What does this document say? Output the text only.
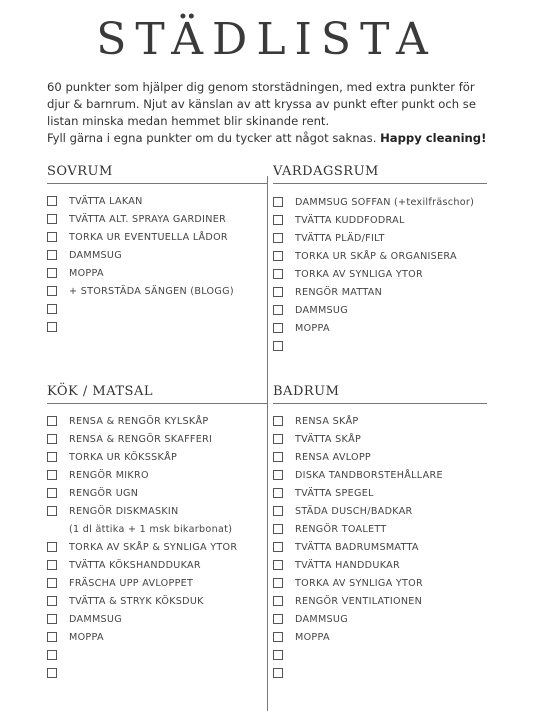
STÄDLISTA

60 punkter som hjälper dig genom storstädningen, med extra punkter för djur & barnrum. Njut av känslan av att kryssa av punkt efter punkt och se listan minska medan hemmet blir skinande rent.

Fyll gärna i egna punkter om du tycker att något saknas. Happy cleaning!

SOVRUM
TVÄTTA LAKAN
TVÄTTA ALT. SPRAYA GARDINER
TORKA UR EVENTUELLA LÅDOR
DAMMSUG
MOPPA
+ STORSTÄDA SÄNGEN (BLOGG)
VARDAGSRUM
DAMMSUG SOFFAN (+texilfräschor)
TVÄTTA KUDDFODRAL
TVÄTTA PLÄD/FILT
TORKA UR SKÅP & ORGANISERA
TORKA AV SYNLIGA YTOR
RENGÖR MATTAN
DAMMSUG
MOPPA
KÖK / MATSAL
RENSA & RENGÖR KYLSKÅP
RENSA & RENGÖR SKAFFERI
TORKA UR KÖKSSKÅP
RENGÖR MIKRO
RENGÖR UGN
RENGÖR DISKMASKIN
(1 dl ättika + 1 msk bikarbonat)
TORKA AV SKÅP & SYNLIGA YTOR
TVÄTTA KÖKSHANDDUKAR
FRÄSCHA UPP AVLOPPET
TVÄTTA & STRYK KÖKSDUK
DAMMSUG
MOPPA
BADRUM
RENSA SKÅP
TVÄTTA SKÅP
RENSA AVLOPP
DISKA TANDBORSTEHÅLLARE
TVÄTTA SPEGEL
STÄDA DUSCH/BADKAR
RENGÖR TOALETT
TVÄTTA BADRUMSMATTA
TVÄTTA HANDDUKAR
TORKA AV SYNLIGA YTOR
RENGÖR VENTILATIONEN
DAMMSUG
MOPPA
